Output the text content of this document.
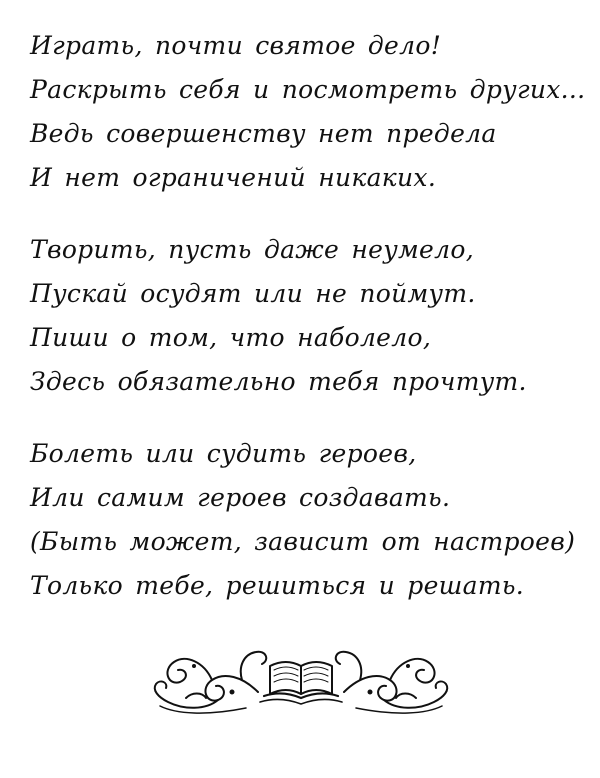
Играть, почти святое дело!
Раскрыть себя и посмотреть других...
Ведь совершенству нет предела
И нет ограничений никаких.
Творить, пусть даже неумело,
Пускай осудят или не поймут.
Пиши о том, что наболело,
Здесь обязательно тебя прочтут.
Болеть или судить героев,
Или самим героев создавать.
(Быть может, зависит от настроев)
Только тебе, решиться и решать.
